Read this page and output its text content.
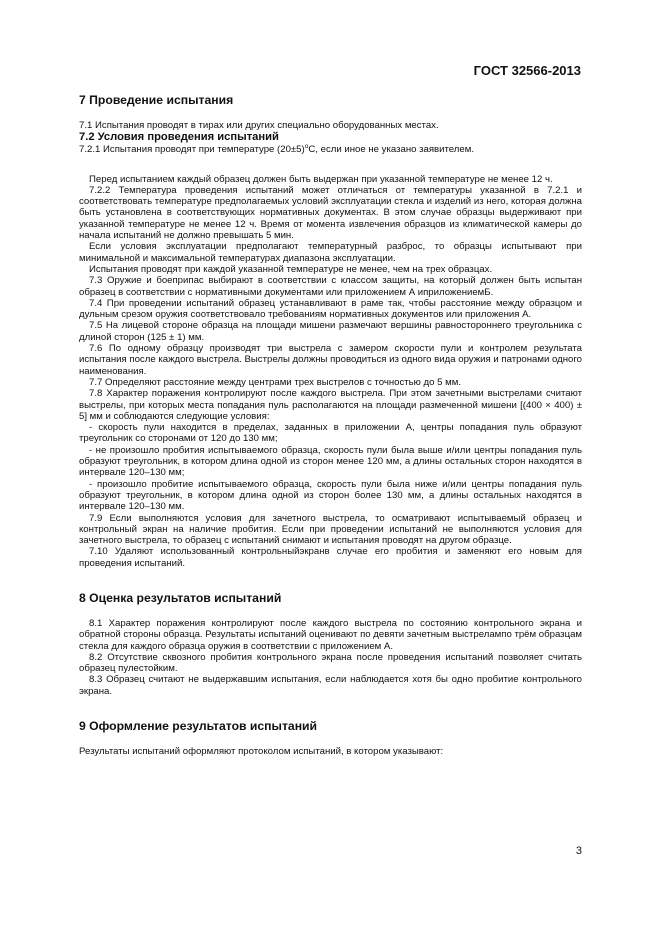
ГОСТ 32566-2013
7 Проведение испытания

7.1 Испытания проводят в тирах или других специально оборудованных местах.

7.2 Условия проведения испытаний

7.2.1 Испытания проводят при температуре $(20\pm 5)^оС$, если иное не указано заявителем.

Перед испытанием каждый образец должен быть выдержан при указанной температуре не менее 12 ч.

7.2.2 Температура проведения испытаний может отличаться от температуры указанной в 7.2.1 и соответствовать температуре предполагаемых условий эксплуатации стекла и изделий из него, которая должна быть установлена в соответствующих нормативных документах. В этом случае образцы выдерживают при указанной температуре не менее 12 ч. Время от момента извлечения образцов из климатической камеры до начала испытаний не должно превышать 5 мин.

Если условия эксплуатации предполагают температурный разброс, то образцы испытывают при минимальной и максимальной температурах диапазона эксплуатации.

Испытания проводят при каждой указанной температуре не менее, чем на трех образцах.

7.3 Оружие и боеприпас выбирают в соответствии с классом защиты, на который должен быть испытан образец в соответствии с нормативными документами или приложением А иприложениемБ.

7.4 При проведении испытаний образец устанавливают в раме так, чтобы расстояние между образцом и дульным срезом оружия соответствовало требованиям нормативных документов или приложения А.

7.5 На лицевой стороне образца на площади мишени размечают вершины равностороннего треугольника с длиной сторон (125 ± 1) мм.

7.6 По одному образцу производят три выстрела с замером скорости пули и контролем результата испытания после каждого выстрела. Выстрелы должны проводиться из одного вида оружия и патронами одного наименования.

7.7 Определяют расстояние между центрами трех выстрелов с точностью до 5 мм.

7.8 Характер поражения контролируют после каждого выстрела. При этом зачетными выстрелами считают выстрелы, при которых места попадания пуль располагаются на площади размеченной мишени [(400 × 400) ± 5] мм и соблюдаются следующие условия:

- скорость пули находится в пределах, заданных в приложении А, центры попадания пуль образуют треугольник со сторонами от 120 до 130 мм;

- не произошло пробития испытываемого образца, скорость пули была выше и/или центры попадания пуль образуют треугольник, в котором длина одной из сторон менее 120 мм, а длины остальных сторон находятся в интервале 120–130 мм;

- произошло пробитие испытываемого образца, скорость пули была ниже и/или центры попадания пуль образуют треугольник, в котором длина одной из сторон более 130 мм, а длины остальных находятся в интервале 120–130 мм.

7.9 Если выполняются условия для зачетного выстрела, то осматривают испытываемый образец и контрольный экран на наличие пробития. Если при проведении испытаний не выполняются условия для зачетного выстрела, то образец с испытаний снимают и испытания проводят на другом образце.

7.10 Удаляют использованный контрольныйэкранв случае его пробития и заменяют его новым для проведения испытаний.

8 Оценка результатов испытаний

8.1 Характер поражения контролируют после каждого выстрела по состоянию контрольного экрана и обратной стороны образца. Результаты испытаний оценивают по девяти зачетным выстрелампо трём образцам стекла для каждого образца оружия в соответствии с приложением А.

8.2 Отсутствие сквозного пробития контрольного экрана после проведения испытаний позволяет считать образец пулестойким.

8.3 Образец считают не выдержавшим испытания, если наблюдается хотя бы одно пробитие контрольного экрана.

9 Оформление результатов испытаний

Результаты испытаний оформляют протоколом испытаний, в котором указывают:

3
